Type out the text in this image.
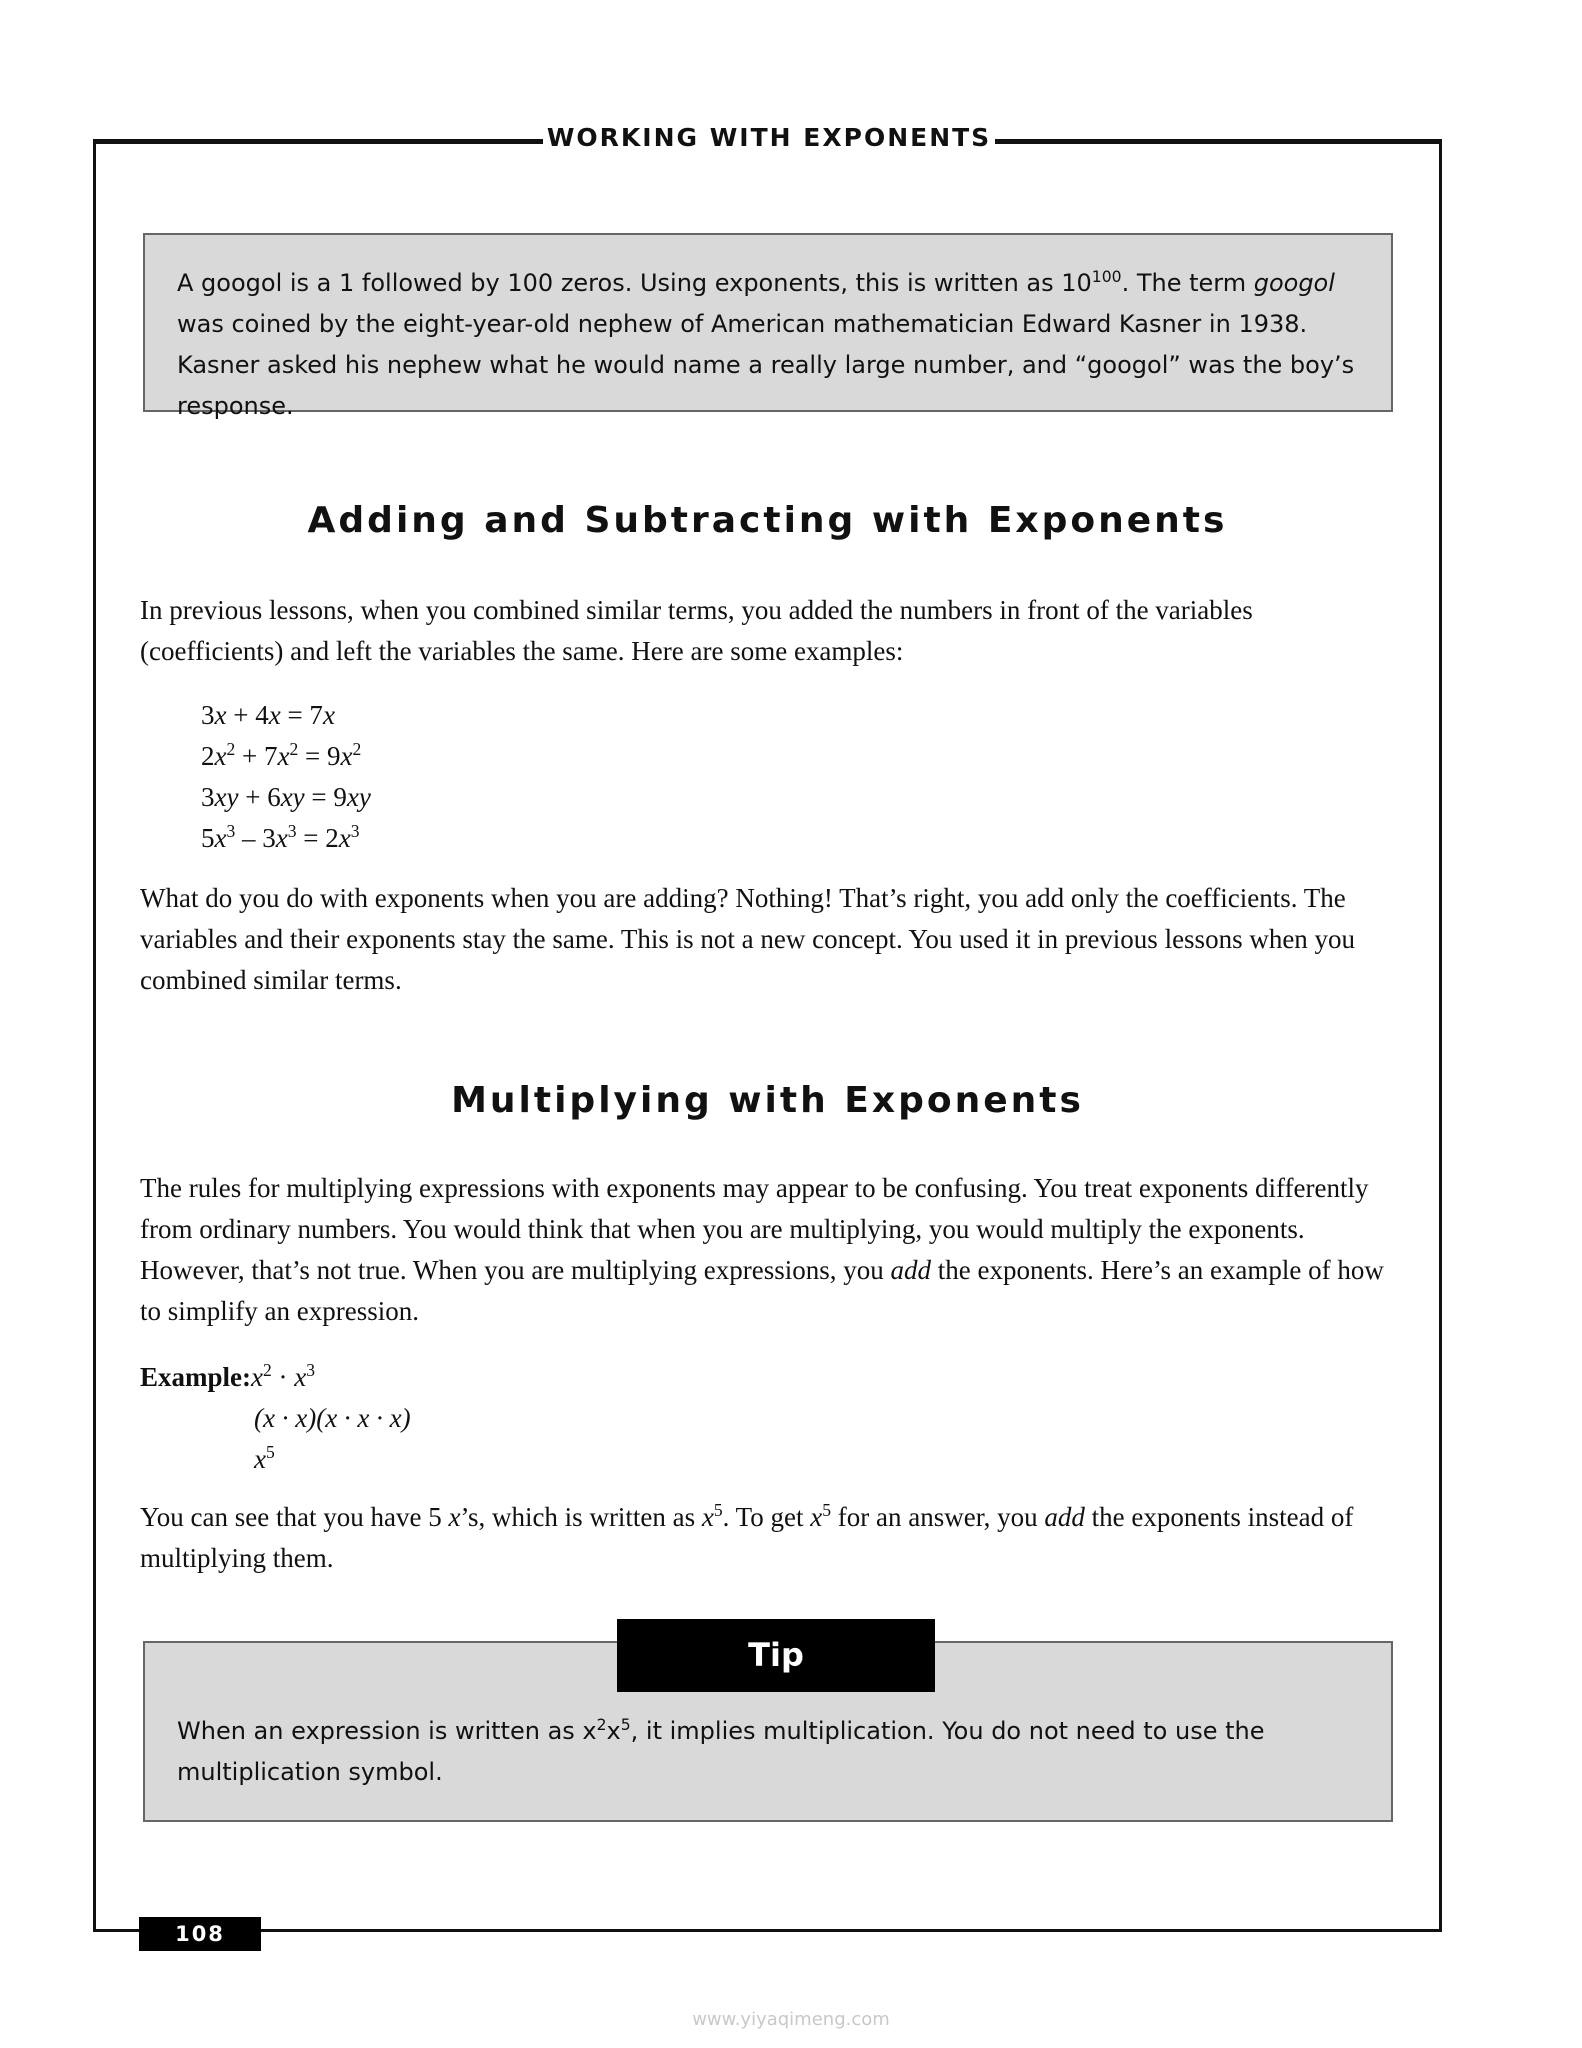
WORKING WITH EXPONENTS
A googol is a 1 followed by 100 zeros. Using exponents, this is written as $10^{100}$. The term googol was coined by the eight-year-old nephew of American mathematician Edward Kasner in 1938. Kasner asked his nephew what he would name a really large number, and “googol” was the boy’s response.
Adding and Subtracting with Exponents

In previous lessons, when you combined similar terms, you added the numbers in front of the variables (coefficients) and left the variables the same. Here are some examples:

3x + 4x = 7x
$2x^2 + 7x^2 = 9x^2$
3xy + 6xy = 9xy
$5x^3 - 3x^3 = 2x^3$

What do you do with exponents when you are adding? Nothing! That’s right, you add only the coefficients. The variables and their exponents stay the same. This is not a new concept. You used it in previous lessons when you combined similar terms.

Multiplying with Exponents

The rules for multiplying expressions with exponents may appear to be confusing. You treat exponents differently from ordinary numbers. You would think that when you are multiplying, you would multiply the exponents. However, that’s not true. When you are multiplying expressions, you add the exponents. Here’s an example of how to simplify an expression.

$Example:x^2 \cdot x^3$
(x · x)(x · x · x)
$x^5$

You can see that you have 5 x’s, which is written as $x^5$. To get $x^5$ for an answer, you add the exponents instead of multiplying them.

When an expression is written as $x^2x^5$, it implies multiplication. You do not need to use the multiplication symbol.
Tip
108
www.yiyaqimeng.com
